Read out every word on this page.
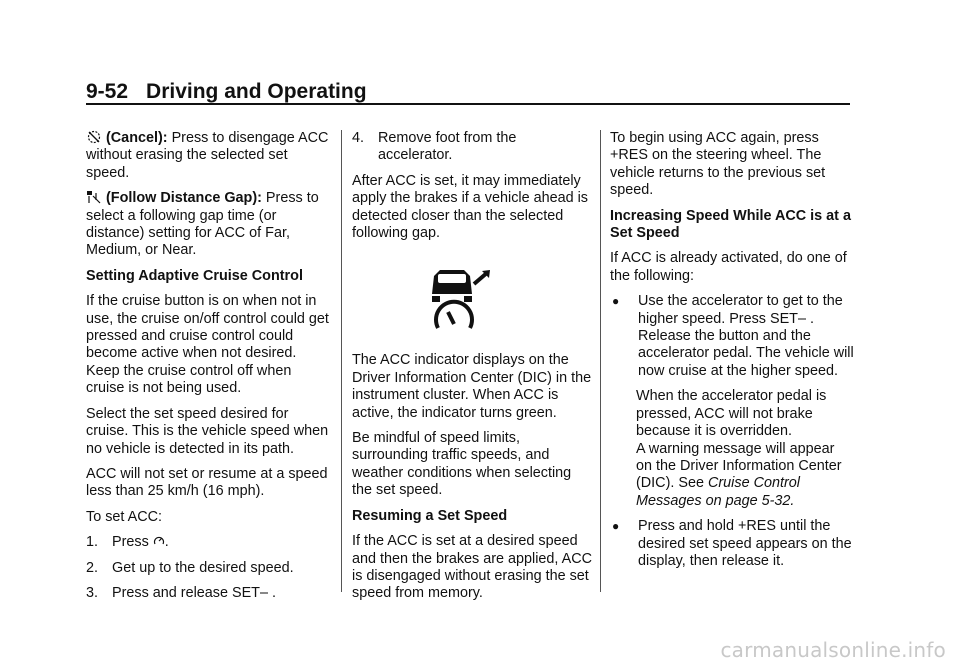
9-52 Driving and Operating

(Cancel): Press to disengage ACC without erasing the selected set speed.

(Follow Distance Gap): Press to select a following gap time (or distance) setting for ACC of Far, Medium, or Near.

Setting Adaptive Cruise Control

If the cruise button is on when not in use, the cruise on/off control could get pressed and cruise control could become active when not desired. Keep the cruise control off when cruise is not being used.

Select the set speed desired for cruise. This is the vehicle speed when no vehicle is detected in its path.

ACC will not set or resume at a speed less than 25 km/h (16 mph).

To set ACC:

1. Press .
2. Get up to the desired speed.
3. Press and release SET– .
4. Remove foot from the accelerator.

After ACC is set, it may immediately apply the brakes if a vehicle ahead is detected closer than the selected following gap.

The ACC indicator displays on the Driver Information Center (DIC) in the instrument cluster. When ACC is active, the indicator turns green.

Be mindful of speed limits, surrounding traffic speeds, and weather conditions when selecting the set speed.

Resuming a Set Speed

If the ACC is set at a desired speed and then the brakes are applied, ACC is disengaged without erasing the set speed from memory.

To begin using ACC again, press +RES on the steering wheel. The vehicle returns to the previous set speed.

Increasing Speed While ACC is at a Set Speed

If ACC is already activated, do one of the following:

●	Use the accelerator to get to the higher speed. Press SET– . Release the button and the accelerator pedal. The vehicle will now cruise at the higher speed.

When the accelerator pedal is pressed, ACC will not brake because it is overridden.
A warning message will appear on the Driver Information Center (DIC). See Cruise Control Messages on page 5‑32.

●	Press and hold +RES until the desired set speed appears on the display, then release it.
carmanualsonline.info
